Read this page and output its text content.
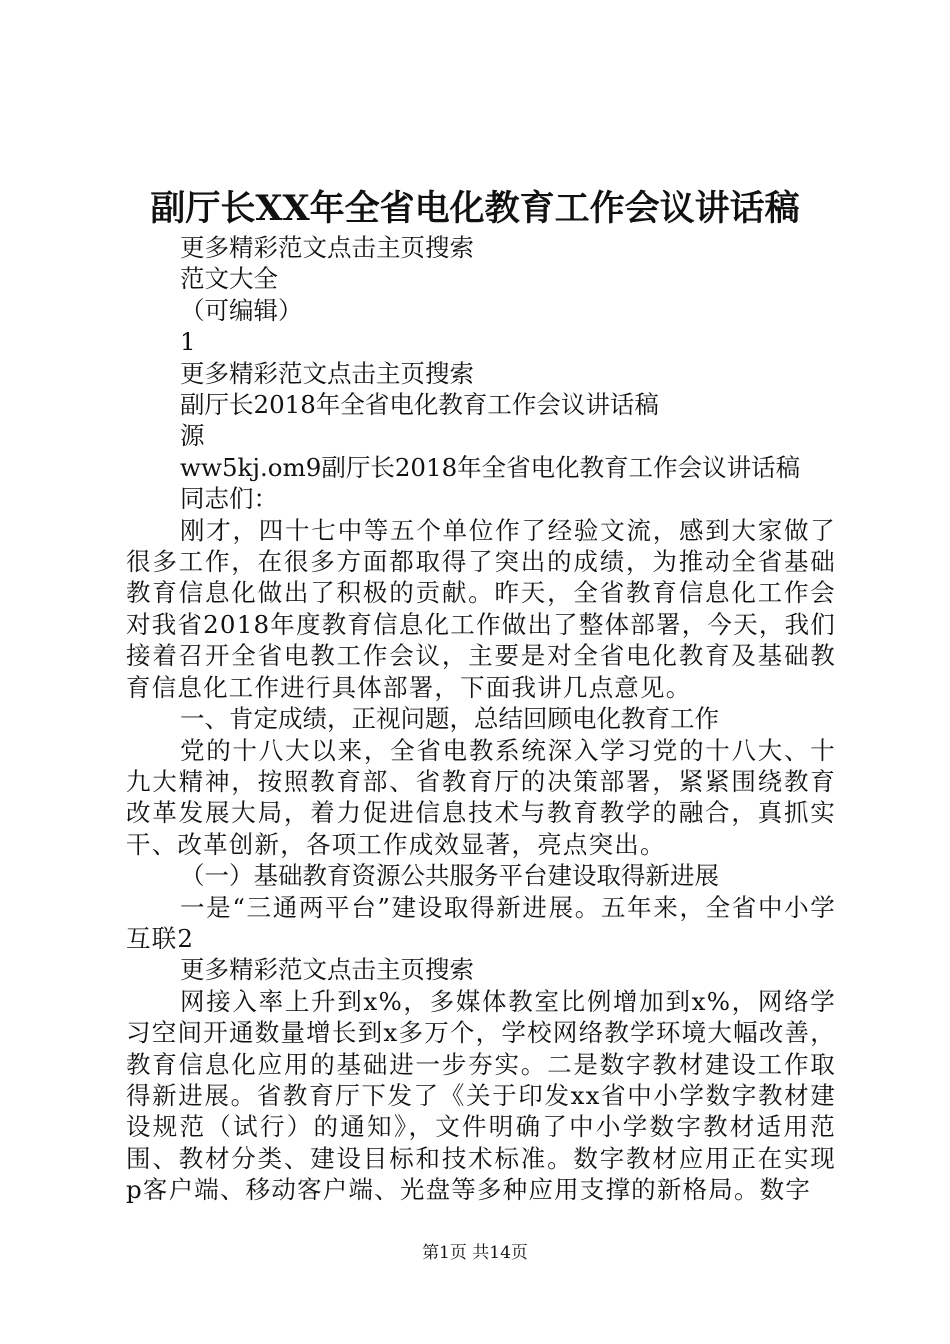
副厅长XX年全省电化教育工作会议讲话稿
更多精彩范文点击主页搜索
范文大全
（可编辑）
1
更多精彩范文点击主页搜索
副厅长2018年全省电化教育工作会议讲话稿
源
ww5kj.om9副厅长2018年全省电化教育工作会议讲话稿
同志们：
刚才，四十七中等五个单位作了经验文流，感到大家做了很多工作，在很多方面都取得了突出的成绩，为推动全省基础教育信息化做出了积极的贡献。昨天，全省教育信息化工作会对我省2018年度教育信息化工作做出了整体部署，今天，我们接着召开全省电教工作会议，主要是对全省电化教育及基础教育信息化工作进行具体部署，下面我讲几点意见。
一、肯定成绩，正视问题，总结回顾电化教育工作
党的十八大以来，全省电教系统深入学习党的十八大、十九大精神，按照教育部、省教育厅的决策部署，紧紧围绕教育改革发展大局，着力促进信息技术与教育教学的融合，真抓实干、改革创新，各项工作成效显著，亮点突出。
（一）基础教育资源公共服务平台建设取得新进展
一是“三通两平台”建设取得新进展。五年来，全省中小学互联2
更多精彩范文点击主页搜索
网接入率上升到x%，多媒体教室比例增加到x%，网络学习空间开通数量增长到x多万个，学校网络教学环境大幅改善，教育信息化应用的基础进一步夯实。二是数字教材建设工作取得新进展。省教育厅下发了《关于印发xx省中小学数字教材建设规范（试行）的通知》，文件明确了中小学数字教材适用范围、教材分类、建设目标和技术标准。数字教材应用正在实现p客户端、移动客户端、光盘等多种应用支撑的新格局。数字
第1页 共14页
